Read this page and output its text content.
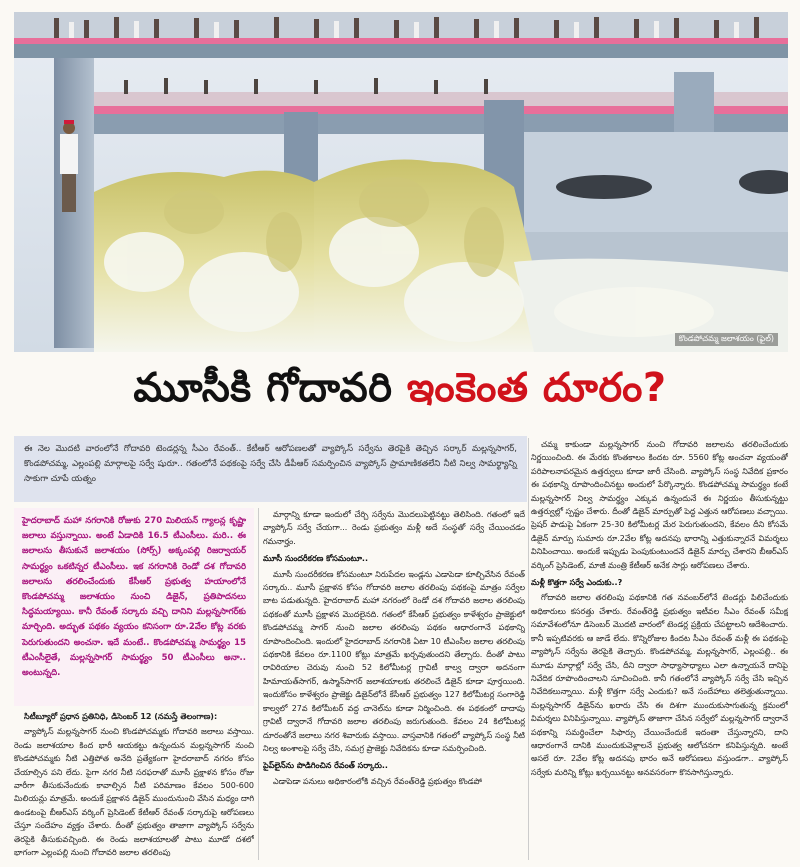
కొండపోచమ్మ జలాశయం (ఫైల్)
మూసీకి గోదావరి ఇంకెంత దూరం?

ఈ నెల మొదటి వారంలోనే గోదావరి టెండర్లన్న సీఎం రేవంత్.. కేటీఆర్ ఆరోపణలతో వ్యాప్కోస్ సర్వేను తెరపైకి తెచ్చిన సర్కార్ మల్లన్నసాగర్, కొండపోచమ్మ, ఎల్లంపల్లి మార్గాలపై సర్వే షురూ.. గతంలోనే పథకంపై సర్వే చేసి డీపీఆర్ సమర్పించిన వ్యాప్కోస్ ప్రామాణికతలేని నీటి నిల్వ సామర్థ్యాన్ని సాకుగా చూపే యత్నం

హైదరాబాద్ మహా నగరానికి రోజుకు 270 మిలియన్ గ్యాలన్ల కృష్ణా జలాలు వస్తున్నాయి. అంటే ఏడాదికి 16.5 టీఎంసీలు. మరి.. ఈ జలాలను తీసుకునే జలాశయం (సోర్స్) అక్కంపల్లి రిజర్వాయర్ సామర్థ్యం ఒకటిన్నర టీఎంసీలు. ఇక నగరానికి రెండో దశ గోదావరి జలాలను తరలించేందుకు కేసీఆర్ ప్రభుత్వ హయాంలోనే కొండపోచమ్మ జలాశయం నుంచి డిజైన్, ప్రతిపాదనలు సిద్ధమయ్యాయి. కానీ రేవంత్ సర్కారు వచ్చి దానిని మల్లన్నసాగర్‌కు మార్చింది. అద్భుత పథకం వ్యయం కనిసంగా రూ.2వేల కోట్ల వరకు పెరుగుతుందని అంచనా. ఇదే మంటే.. కొండపోచమ్మ సామర్థ్యం 15 టీఎంసీలైతే, మల్లన్నసాగర్ సామర్థ్యం 50 టీఎంసీలు అనా.. అంటున్నది.

సిటీబ్యూరో ప్రధాన ప్రతినిధి, డిసెంబర్ 12 (నమస్తే తెలంగాణ):

వ్యాప్కోస్ మల్లన్నసాగర్ నుంచి కొండపోచమ్మకు గోదావరి జలాలు వస్తాయి. రెండు జలాశయాల కింద భారీ ఆయకట్టు ఉన్నందున మల్లన్నసాగర్ నుంచి కొండపోచమ్మకు నీటి ఎత్తిపోత అనేది ప్రత్యేకంగా హైదరాబాద్ నగరం కోసం చేయాల్సిన పని లేదు. పైగా నగర నీటి సరఫరాతో మూసీ ప్రక్షాళన కోసం రోజు వారీగా తీసుకునేందుకు కావాల్సిన నీటి పరిమాణం కేవలం 500-600 మిలియన్లు మాత్రమే. అందుకే ప్రక్షాళన డిజైన్ ముందునుంచి వేసిన మధ్యం దాగి ఉండటంపై బీఆర్ఎస్ వర్కింగ్ ప్రెసిడెంట్ కేటీఆర్ రేవంత్ సర్కారుపై ఆరోపణలు చేస్తూ సందేహం వ్యక్తం చేశారు. దీంతో ప్రభుత్వం తాజాగా వ్యాప్కోస్ సర్వేను తెరపైకి తీసుకువచ్చింది. ఈ రెండు జలాశయాలతో పాటు మూడో దశలో భాగంగా ఎల్లంపల్లి నుంచి గోదావరి జలాల తరలింపు

మార్గాన్ని కూడా ఇందులో చేర్చి సర్వేను మొదలుపెట్టినట్టు తెలిసింది. గతంలో ఇదే వ్యాప్కోస్ సర్వే చేయగా... రెండు ప్రభుత్వం మళ్లీ అదే సంస్థతో సర్వే చేయించడం గమనార్హం.

మూసీ సుందరీకరణ కోసమంటూ..

మూసీ సుందరీకరణ కోసమంటూ నిరుపేదల ఇండ్లను ఎడాపెడా కూల్చివేసిన రేవంత్ సర్కారు.. మూసీ ప్రక్షాళన కోసం గోదావరి జలాల తరలింపు పథకంపై మాత్రం సర్వేల బాట పడుతున్నది. హైదరాబాద్ మహా నగరంలో రెండో దశ గోదావరి జలాల తరలింపు పథకంతో మూసీ ప్రక్షాళన మొదలైనది. గతంలో కేసీఆర్ ప్రభుత్వం కాళేశ్వరం ప్రాజెక్టులో కొండపోచమ్మ సాగర్ నుంచి జలాల తరలింపు పథకం ఆధారంగానే పథకాన్ని రూపొందించింది. ఇందులో హైదరాబాద్ నగరానికి ఏటా 10 టీఎంసీల జలాల తరలింపు పథకానికి కేవలం రూ.1100 కోట్లు మాత్రమే ఖర్చవుతుందని తేల్చారు. దీంతో పాటు రావిరియాల చెరువు నుంచి 52 కిలోమీటర్ల గ్రావిటీ కాల్వ ద్వారా అదనంగా హిమాయత్‌సాగర్, ఉస్మాన్‌సాగర్ జలాశయాలకు తరలించే డిజైన్ కూడా పూర్తయింది. ఇందుకోసం కాళేశ్వరం ప్రాజెక్టు డిజైన్‌లోనే కేసీఆర్ ప్రభుత్వం 127 కిలోమీటర్ల సంగారెడ్డి కాల్వలో 27వ కిలోమీటర్ వద్ద చానెల్‌ను కూడా నిర్మించింది. ఈ పథకంలో దాదాపు గ్రావిటీ ద్వారానే గోదావరి జలాల తరలింపు జరుగుతుంది. కేవలం 24 కిలోమీటర్ల దూరంతోనే జలాలు నగర శివారుకు వస్తాయి. వాస్తవానికి గతంలో వ్యాప్కోస్ సంస్థ నీటి నిల్వ అంశాలపై సర్వే చేసి, సమగ్ర ప్రాజెక్టు నివేదికను కూడా సమర్పించింది.

పైప్‌లైన్‌ను పొడిగించిన రేవంత్ సర్కారు..

ఎడాపెడా పనులు అధికారంలోకి వచ్చిన రేవంత్‌రెడ్డి ప్రభుత్వం కొండపో

చమ్మ కాకుండా మల్లన్నసాగర్ నుంచి గోదావరి జలాలను తరలించేందుకు నిర్ణయించింది. ఈ మేరకు కొంతకాలం కిందట రూ. 5560 కోట్ల అంచనా వ్యయంతో పరిపాలనాపరమైన ఉత్తర్వులు కూడా జారీ చేసింది. వ్యాప్కోస్ సంస్థ నివేదిక ప్రకారం ఈ పథకాన్ని రూపొందించినట్టు అందులో పేర్కొన్నారు. కొండపోచమ్మ సామర్థ్యం కంటే మల్లన్నసాగర్ నిల్వ సామర్థ్యం ఎక్కువ ఉన్నందునే ఈ నిర్ణయం తీసుకున్నట్టు ఉత్తర్వుల్లో స్పష్టం చేశారు. దీంతో డిజైన్ మార్పుతో పెద్ద ఎత్తున ఆరోపణలు వచ్చాయి. ప్రెషర్ పాడుపై ఏకంగా 25-30 కిలోమీటర్ల మేర పెరుగుతుందని, కేవలం దీని కోసమే డిజైన్ మార్పు సుమారు రూ.2వేల కోట్ల అదనపు భారాన్ని ఎత్తుకున్నారనే విమర్శలు వినిపించాయి. అందుకే ఇప్పుడు పెంపుకుంటుందనే డిజైన్ మార్పు చేశారని బీఆర్ఎస్ వర్కింగ్ ప్రెసిడెంట్, మాజీ మంత్రి కేటీఆర్ అనేక సార్లు ఆరోపణలు చేశారు.

మళ్లీ కొత్తగా సర్వే ఎందుకు..?

గోదావరి జలాల తరలింపు పథకానికి గత నవంబర్‌లోనే టెండర్లు పిలిచేందుకు అధికారులు కసరత్తు చేశారు. రేవంత్‌రెడ్డి ప్రభుత్వం ఇటీవల సీఎం రేవంత్ సమీక్ష సమావేశంలోనూ డిసెంబర్ మొదటి వారంలో టెండర్ల ప్రక్రియ చేపట్టాలని ఆదేశించారు. కానీ ఇప్పటివరకు ఆ జాడే లేదు. కొన్నిరోజుల కిందట సీఎం రేవంత్ మళ్లీ ఈ పథకంపై వ్యాప్కోస్ సర్వేను తెరపైకి తెచ్చారు. కొండపోచమ్మ, మల్లన్నసాగర్, ఎల్లంపల్లి.. ఈ మూడు మార్గాల్లో సర్వే చేసి, దీని ద్వారా సాధ్యాసాధ్యాలు ఎలా ఉన్నాయనే దానిపై నివేదిక రూపొందించాలని సూచించింది. కానీ గతంలోనే వ్యాప్కోస్ సర్వే చేసి ఇచ్చిన నివేదికలున్నాయి. మళ్లీ కొత్తగా సర్వే ఎందుకు? అనే సందేహాలు తలెత్తుతున్నాయి. మల్లన్నసాగర్ డిజైన్‌ను ఖరారు చేసి ఈ దిశగా ముందుకుసాగుతున్న క్రమంలో విమర్శలు వినిపిస్తున్నాయి. వ్యాప్కోస్ తాజాగా చేసిన సర్వేలో మల్లన్నసాగర్ ద్వారానే పథకాన్ని సమర్థించేలా సిఫార్సు చేయించేందుకే ఇదంతా చేస్తున్నారని, దాని ఆధారంగానే దానికి ముందుకువెళ్లాలనే ప్రభుత్వ ఆలోచనగా కనిపిస్తున్నది. అంటే అసలే రూ. 2వేల కోట్ల అదనపు భారం అనే ఆరోపణలు వస్తుండగా.. వ్యాప్కోస్ సర్వేకు మరిన్ని కోట్లు ఖర్చయినట్టు అనవసరంగా కొనసాగిస్తున్నారు.
